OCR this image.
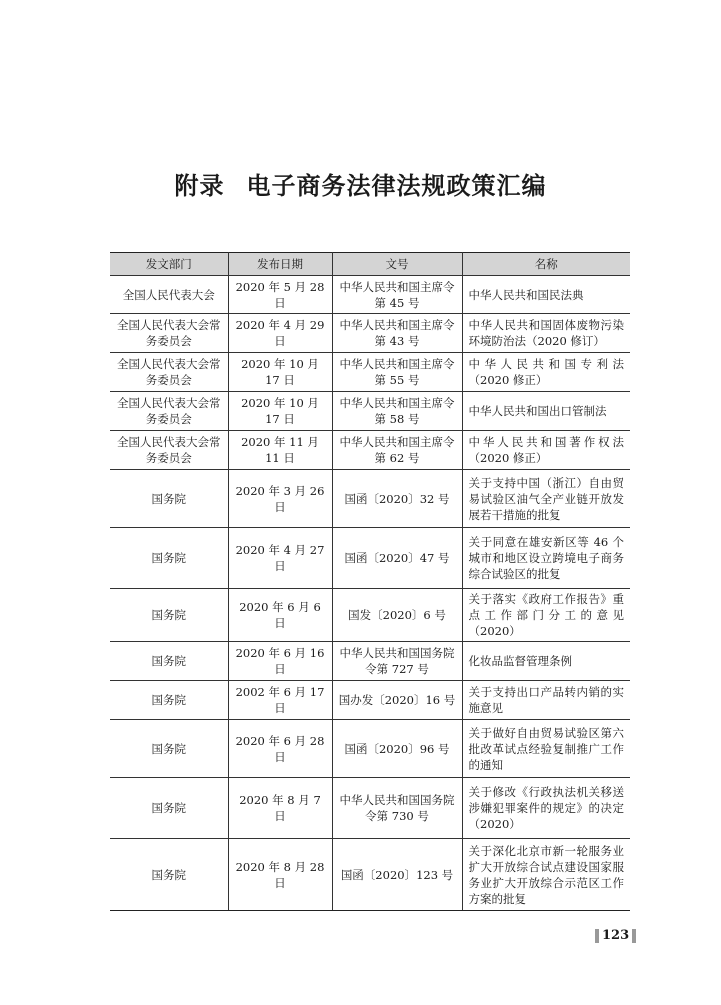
附录 电子商务法律法规政策汇编
发文部门	发布日期	文号	名称
全国人民代表大会	2020 年 5 月 28 日	中华人民共和国主席令第 45 号	中华人民共和国民法典
全国人民代表大会常务委员会	2020 年 4 月 29 日	中华人民共和国主席令第 43 号	中华人民共和国固体废物污染环境防治法（2020 修订）
全国人民代表大会常务委员会	2020 年 10 月 17 日	中华人民共和国主席令第 55 号	中华人民共和国专利法（2020 修正）
全国人民代表大会常务委员会	2020 年 10 月 17 日	中华人民共和国主席令第 58 号	中华人民共和国出口管制法
全国人民代表大会常务委员会	2020 年 11 月 11 日	中华人民共和国主席令第 62 号	中华人民共和国著作权法（2020 修正）
国务院	2020 年 3 月 26 日	国函〔2020〕32 号	关于支持中国（浙江）自由贸易试验区油气全产业链开放发展若干措施的批复
国务院	2020 年 4 月 27 日	国函〔2020〕47 号	关于同意在雄安新区等 46 个城市和地区设立跨境电子商务综合试验区的批复
国务院	2020 年 6 月 6 日	国发〔2020〕6 号	关于落实《政府工作报告》重点工作部门分工的意见（2020）
国务院	2020 年 6 月 16 日	中华人民共和国国务院令第 727 号	化妆品监督管理条例
国务院	2002 年 6 月 17 日	国办发〔2020〕16 号	关于支持出口产品转内销的实施意见
国务院	2020 年 6 月 28 日	国函〔2020〕96 号	关于做好自由贸易试验区第六批改革试点经验复制推广工作的通知
国务院	2020 年 8 月 7 日	中华人民共和国国务院令第 730 号	关于修改《行政执法机关移送涉嫌犯罪案件的规定》的决定（2020）
国务院	2020 年 8 月 28 日	国函〔2020〕123 号	关于深化北京市新一轮服务业扩大开放综合试点建设国家服务业扩大开放综合示范区工作方案的批复
123
